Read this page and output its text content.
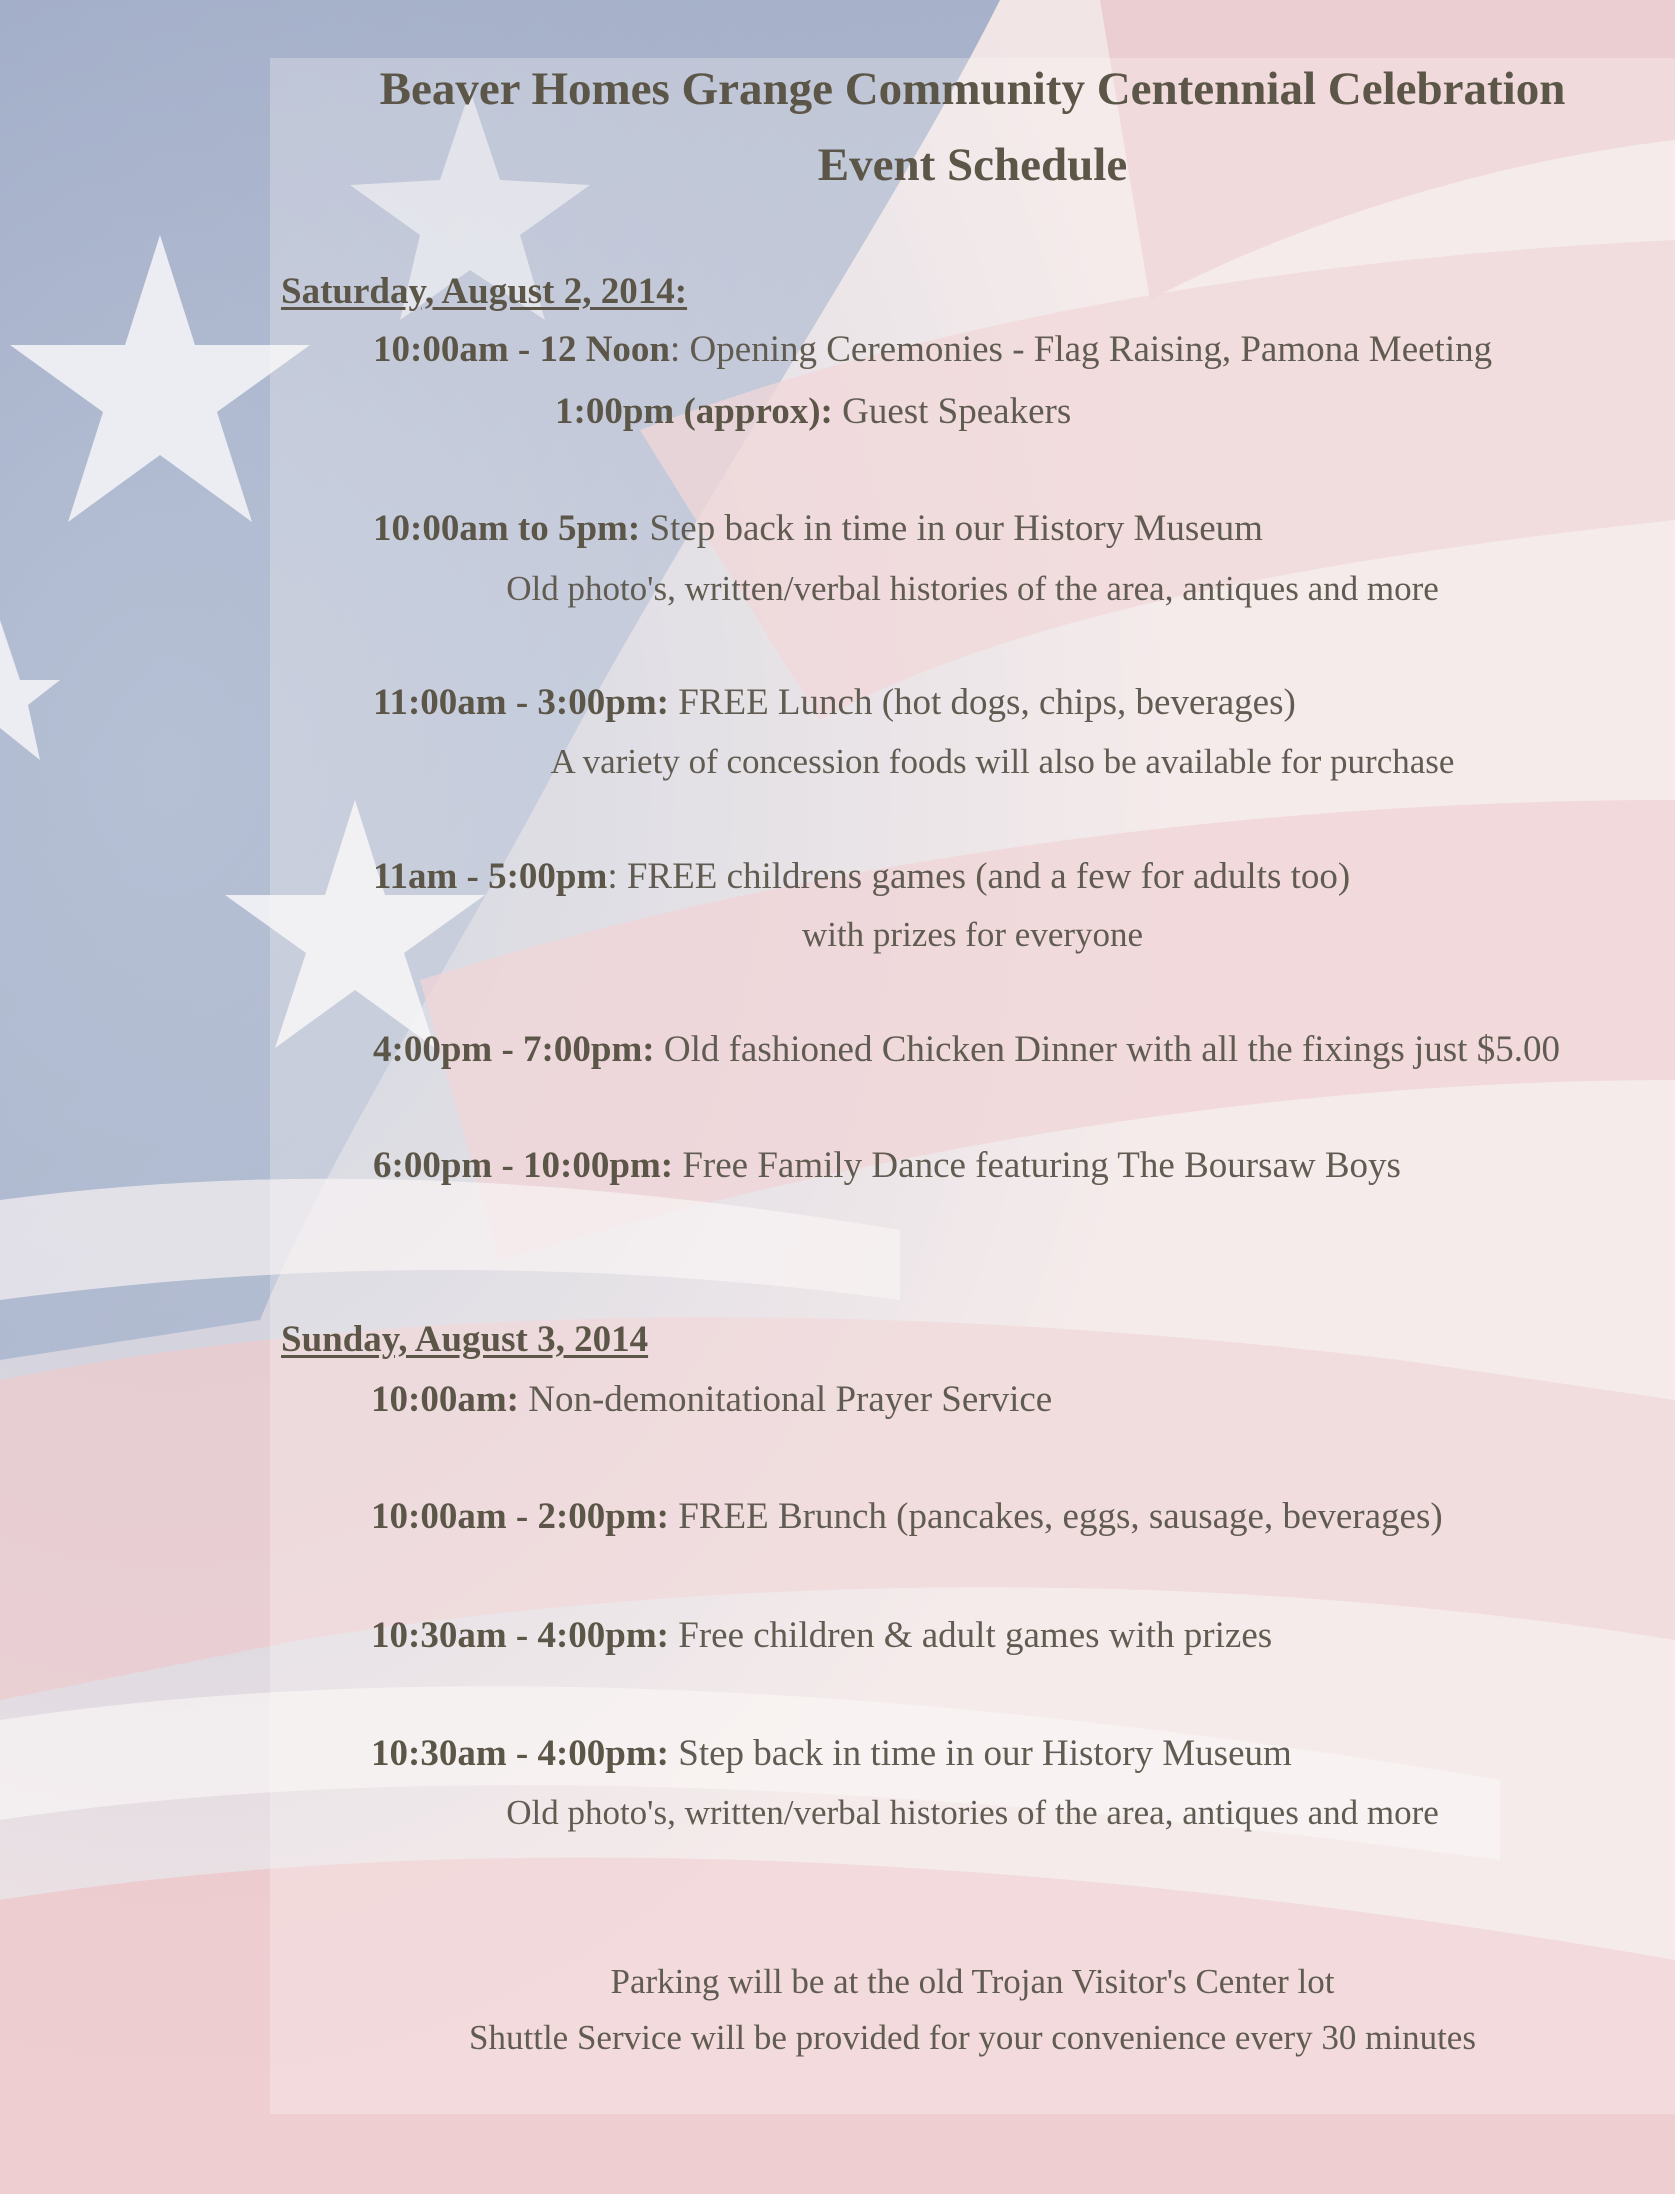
Beaver Homes Grange Community Centennial Celebration
Event Schedule
Saturday, August 2, 2014:
10:00am - 12 Noon: Opening Ceremonies - Flag Raising, Pamona Meeting
1:00pm (approx): Guest Speakers
10:00am to 5pm: Step back in time in our History Museum
Old photo's, written/verbal histories of the area, antiques and more
11:00am - 3:00pm: FREE Lunch (hot dogs, chips, beverages)
A variety of concession foods will also be available for purchase
11am - 5:00pm: FREE childrens games (and a few for adults too)
with prizes for everyone
4:00pm - 7:00pm: Old fashioned Chicken Dinner with all the fixings just $5.00
6:00pm - 10:00pm: Free Family Dance featuring The Boursaw Boys
Sunday, August 3, 2014
10:00am: Non-demonitational Prayer Service
10:00am - 2:00pm: FREE Brunch (pancakes, eggs, sausage, beverages)
10:30am - 4:00pm: Free children & adult games with prizes
10:30am - 4:00pm: Step back in time in our History Museum
Old photo's, written/verbal histories of the area, antiques and more
Parking will be at the old Trojan Visitor's Center lot
Shuttle Service will be provided for your convenience every 30 minutes
